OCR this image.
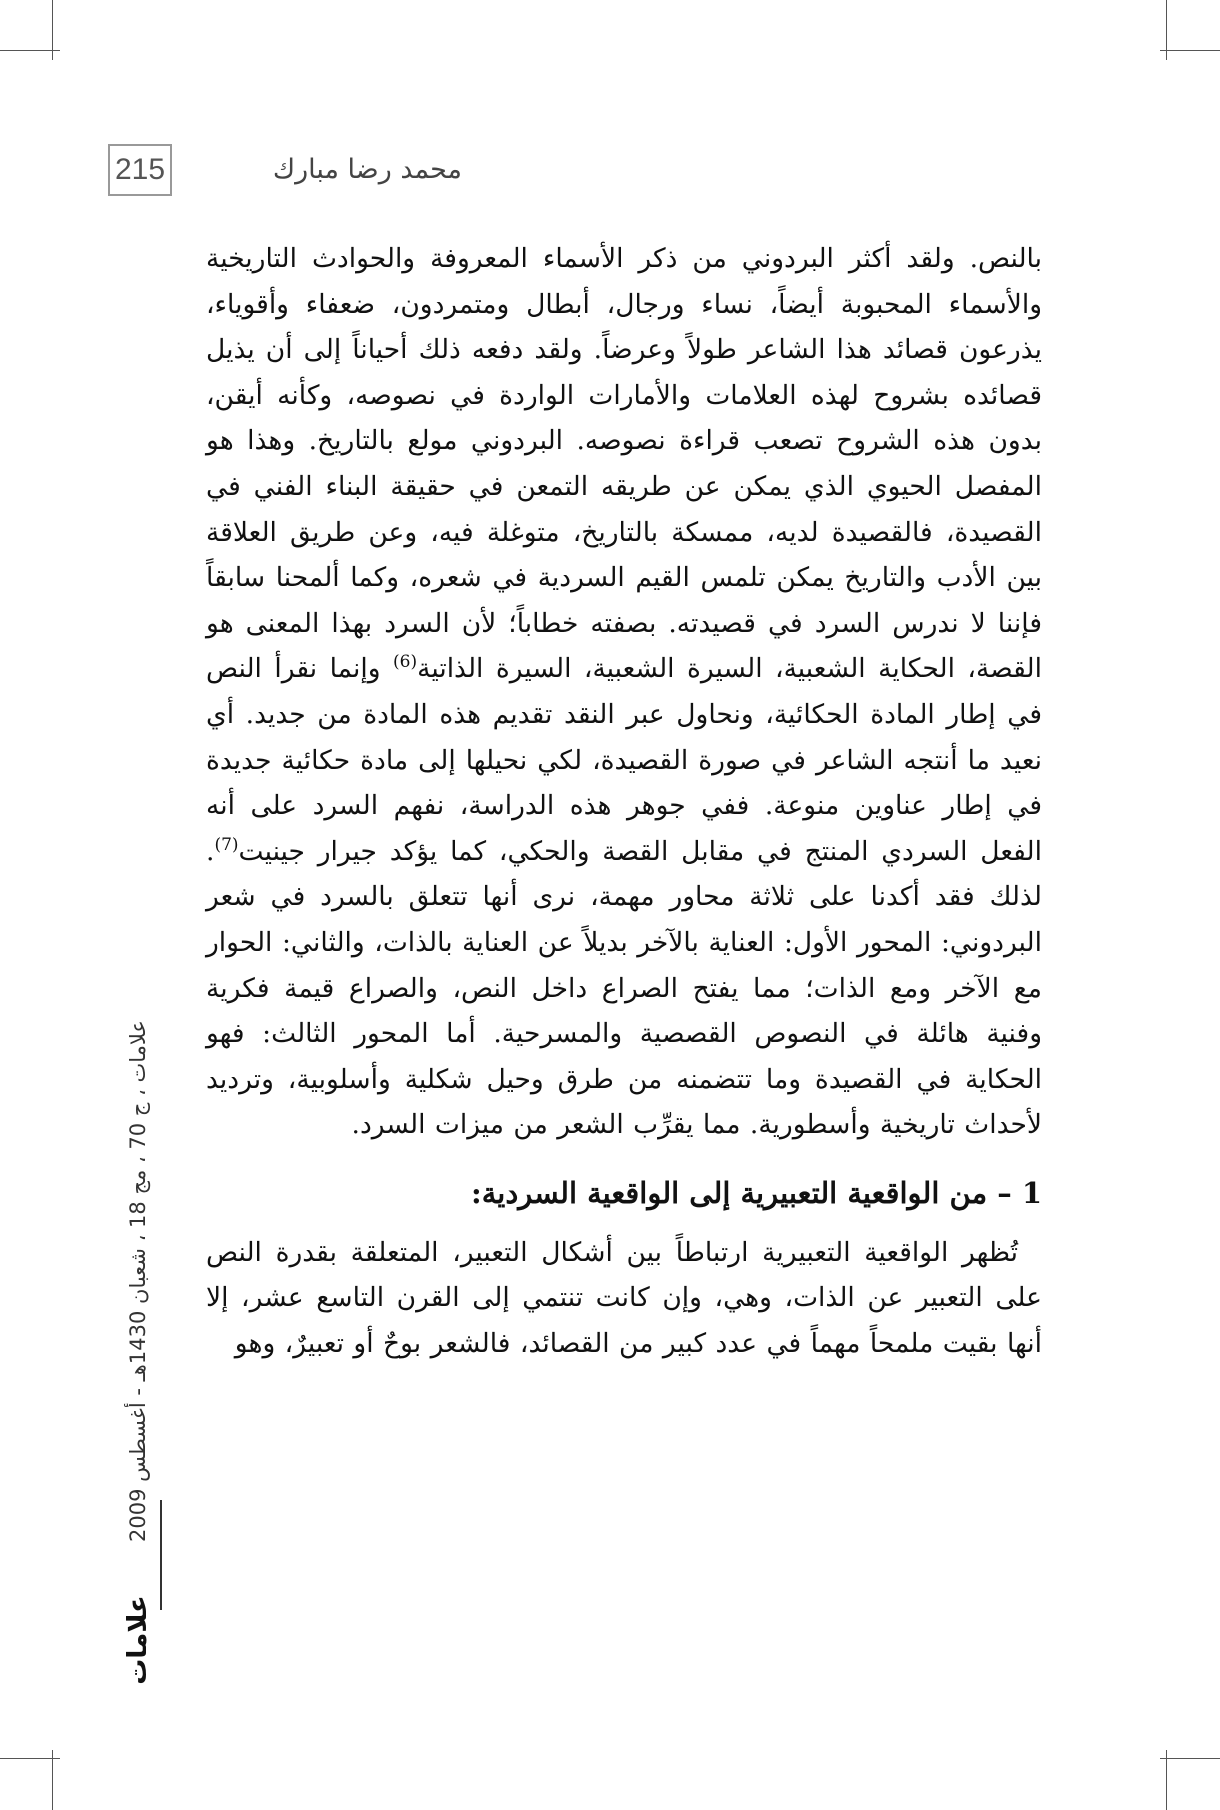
215	محمد رضا مبارك

بالنص. ولقد أكثر البردوني من ذكر الأسماء المعروفة والحوادث التاريخية والأسماء المحبوبة أيضاً، نساء ورجال، أبطال ومتمردون، ضعفاء وأقوياء، يذرعون قصائد هذا الشاعر طولاً وعرضاً. ولقد دفعه ذلك أحياناً إلى أن يذيل قصائده بشروح لهذه العلامات والأمارات الواردة في نصوصه، وكأنه أيقن، بدون هذه الشروح تصعب قراءة نصوصه. البردوني مولع بالتاريخ. وهذا هو المفصل الحيوي الذي يمكن عن طريقه التمعن في حقيقة البناء الفني في القصيدة، فالقصيدة لديه، ممسكة بالتاريخ، متوغلة فيه، وعن طريق العلاقة بين الأدب والتاريخ يمكن تلمس القيم السردية في شعره، وكما ألمحنا سابقاً فإننا لا ندرس السرد في قصيدته. بصفته خطاباً؛ لأن السرد بهذا المعنى هو القصة، الحكاية الشعبية، السيرة الشعبية، السيرة الذاتية$^{(6)}$ وإنما نقرأ النص في إطار المادة الحكائية، ونحاول عبر النقد تقديم هذه المادة من جديد. أي نعيد ما أنتجه الشاعر في صورة القصيدة، لكي نحيلها إلى مادة حكائية جديدة في إطار عناوين منوعة. ففي جوهر هذه الدراسة، نفهم السرد على أنه الفعل السردي المنتج في مقابل القصة والحكي، كما يؤكد جيرار جينيت$^{(7)}$. لذلك فقد أكدنا على ثلاثة محاور مهمة، نرى أنها تتعلق بالسرد في شعر البردوني: المحور الأول: العناية بالآخر بديلاً عن العناية بالذات، والثاني: الحوار مع الآخر ومع الذات؛ مما يفتح الصراع داخل النص، والصراع قيمة فكرية وفنية هائلة في النصوص القصصية والمسرحية. أما المحور الثالث: فهو الحكاية في القصيدة وما تتضمنه من طرق وحيل شكلية وأسلوبية، وترديد لأحداث تاريخية وأسطورية. مما يقرِّب الشعر من ميزات السرد.

1 – من الواقعية التعبيرية إلى الواقعية السردية:

تُظهر الواقعية التعبيرية ارتباطاً بين أشكال التعبير، المتعلقة بقدرة النص على التعبير عن الذات، وهي، وإن كانت تنتمي إلى القرن التاسع عشر، إلا أنها بقيت ملمحاً مهماً في عدد كبير من القصائد، فالشعر بوحٌ أو تعبيرٌ، وهو

علامات ، ج 70 ، مج 18 ، شعبان 1430هـ - أغسطس 2009
علامات
